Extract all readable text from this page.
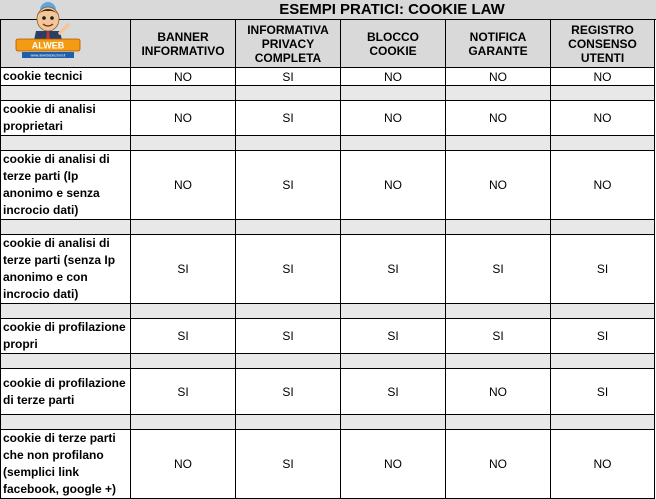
ESEMPI PRATICI: COOKIE LAW
	BANNER INFORMATIVO	INFORMATIVA PRIVACY COMPLETA	BLOCCO COOKIE	NOTIFICA GARANTE	REGISTRO CONSENSO UTENTI
cookie tecnici	NO	SI	NO	NO	NO

cookie di analisi proprietari	NO	SI	NO	NO	NO

cookie di analisi di terze parti (Ip anonimo e senza incrocio dati)	NO	SI	NO	NO	NO

cookie di analisi di terze parti (senza Ip anonimo e con incrocio dati)	SI	SI	SI	SI	SI

cookie di profilazione propri	SI	SI	SI	SI	SI

cookie di profilazione di terze parti	SI	SI	SI	NO	SI

cookie di terze parti che non profilano (semplici link facebook, google +)	NO	SI	NO	NO	NO
ALWEB
www.alwebsoluzioni.it
